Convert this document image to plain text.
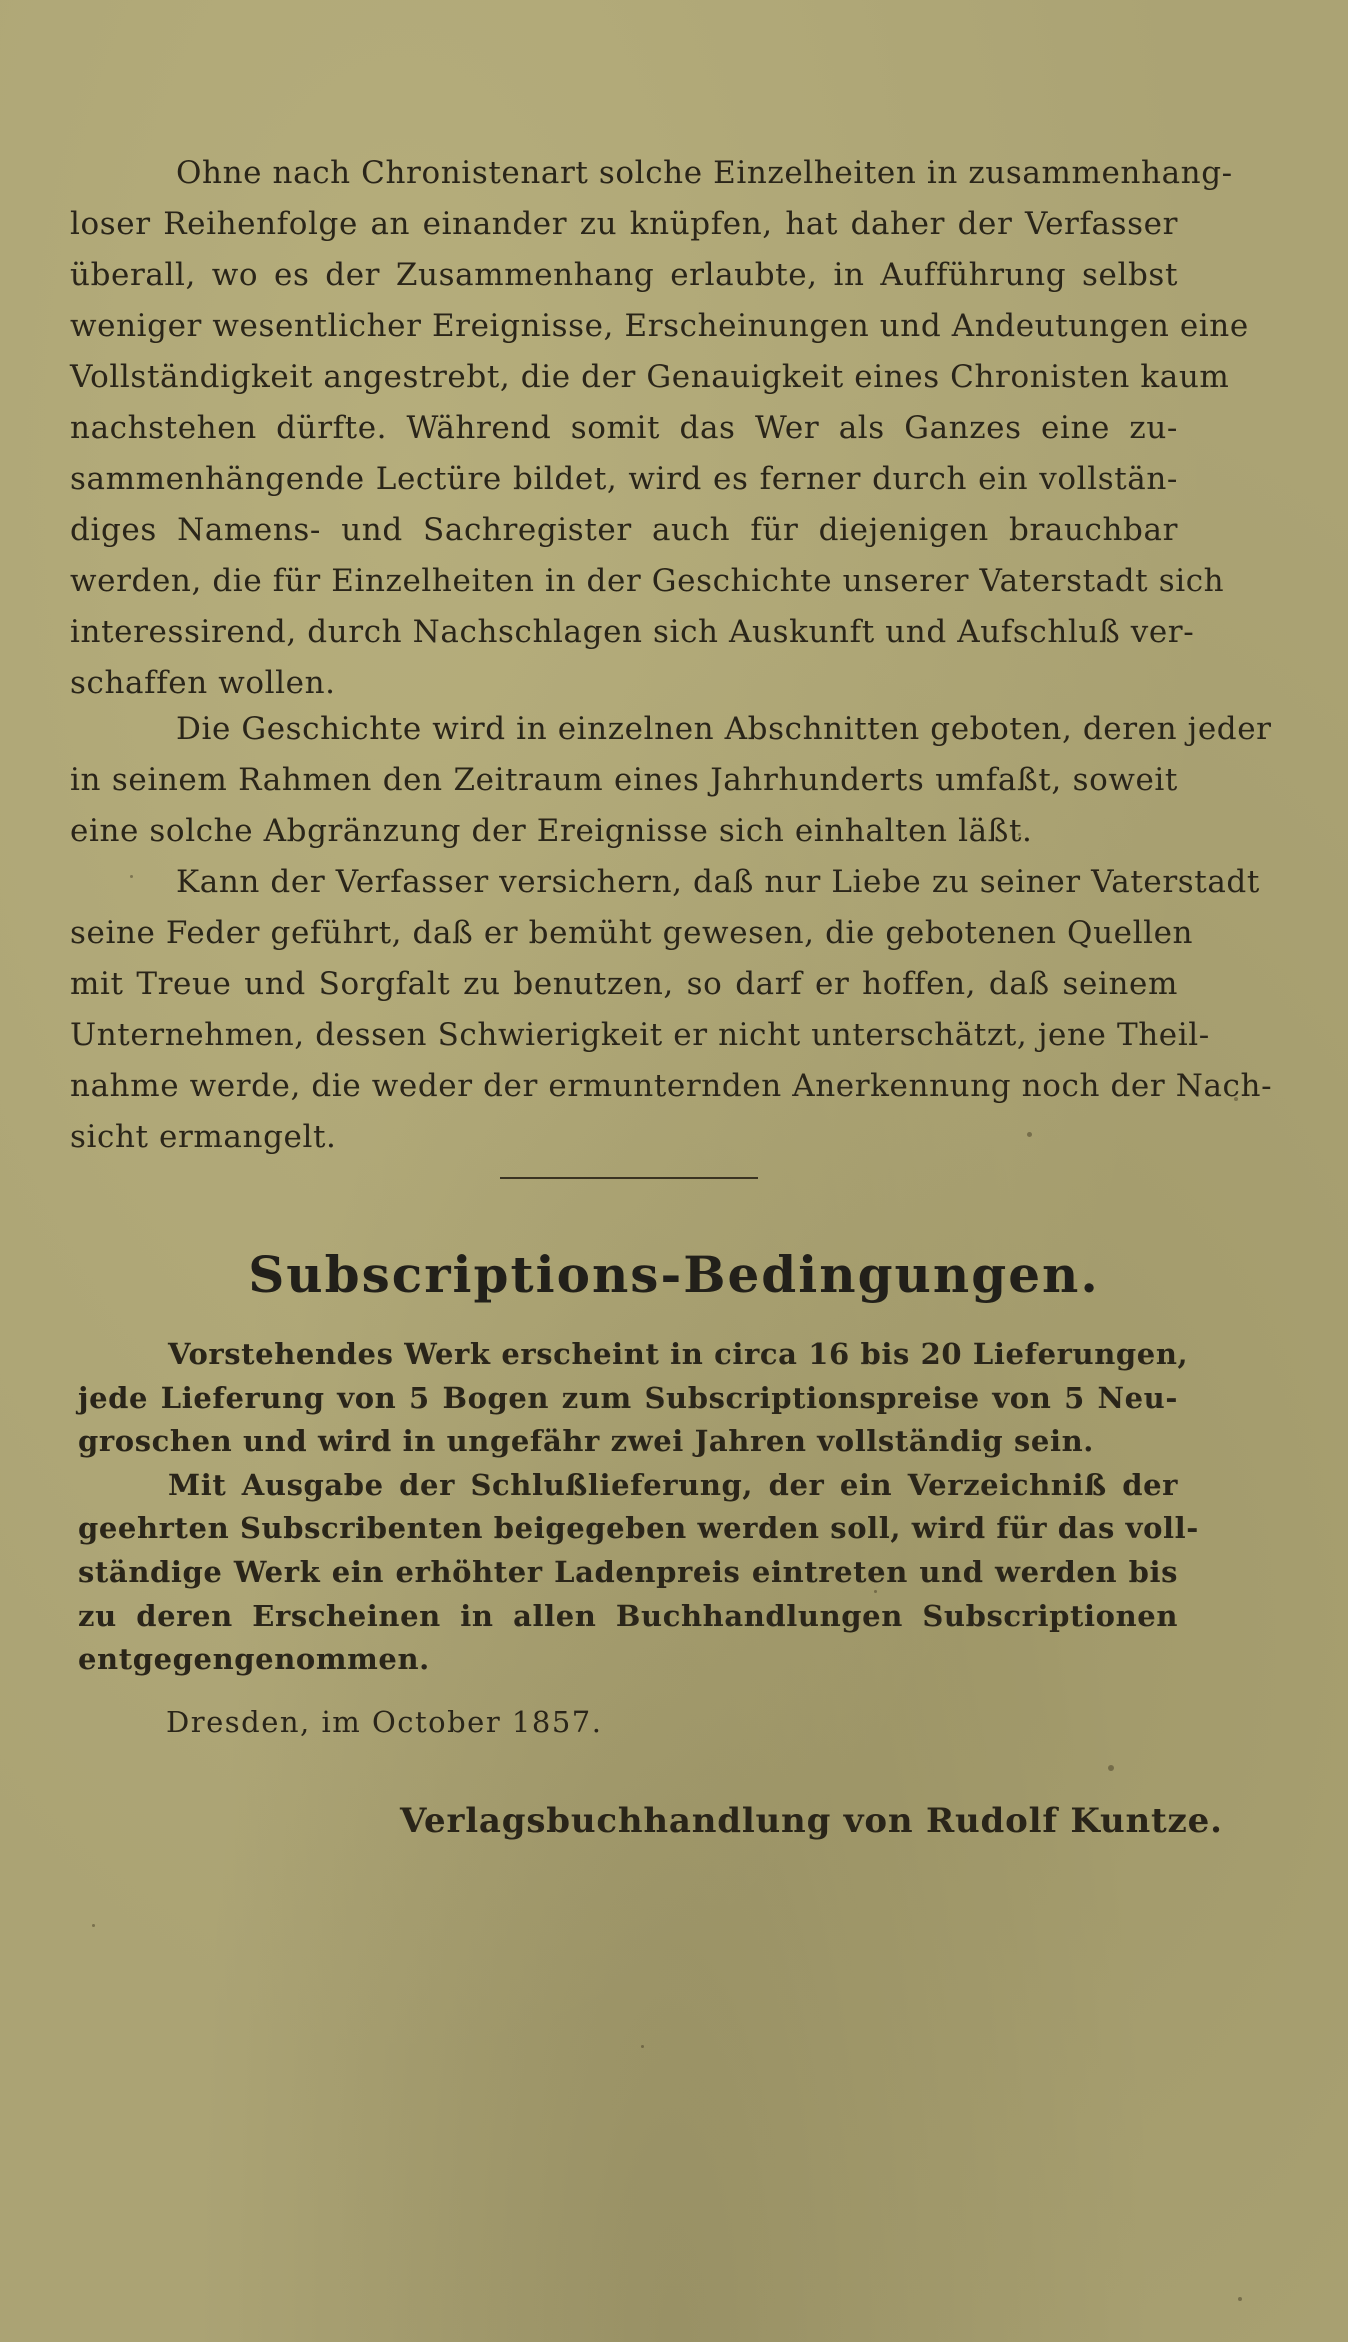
Ohne nach Chronistenart solche Einzelheiten in zusammenhang-
loser Reihenfolge an einander zu knüpfen, hat daher der Verfasser
überall, wo es der Zusammenhang erlaubte, in Aufführung selbst
weniger wesentlicher Ereignisse, Erscheinungen und Andeutungen eine
Vollständigkeit angestrebt, die der Genauigkeit eines Chronisten kaum
nachstehen dürfte. Während somit das Wer als Ganzes eine zu-
sammenhängende Lectüre bildet, wird es ferner durch ein vollstän-
diges Namens- und Sachregister auch für diejenigen brauchbar
werden, die für Einzelheiten in der Geschichte unserer Vaterstadt sich
interessirend, durch Nachschlagen sich Auskunft und Aufschluß ver-
schaffen wollen.
Die Geschichte wird in einzelnen Abschnitten geboten, deren jeder
in seinem Rahmen den Zeitraum eines Jahrhunderts umfaßt, soweit
eine solche Abgränzung der Ereignisse sich einhalten läßt.
Kann der Verfasser versichern, daß nur Liebe zu seiner Vaterstadt
seine Feder geführt, daß er bemüht gewesen, die gebotenen Quellen
mit Treue und Sorgfalt zu benutzen, so darf er hoffen, daß seinem
Unternehmen, dessen Schwierigkeit er nicht unterschätzt, jene Theil-
nahme werde, die weder der ermunternden Anerkennung noch der Nach-
sicht ermangelt.
Subscriptions-Bedingungen.
Vorstehendes Werk erscheint in circa 16 bis 20 Lieferungen,
jede Lieferung von 5 Bogen zum Subscriptionspreise von 5 Neu-
groschen und wird in ungefähr zwei Jahren vollständig sein.
Mit Ausgabe der Schlußlieferung, der ein Verzeichniß der
geehrten Subscribenten beigegeben werden soll, wird für das voll-
ständige Werk ein erhöhter Ladenpreis eintreten und werden bis
zu deren Erscheinen in allen Buchhandlungen Subscriptionen
entgegengenommen.
Dresden, im October 1857.
Verlagsbuchhandlung von Rudolf Kuntze.
